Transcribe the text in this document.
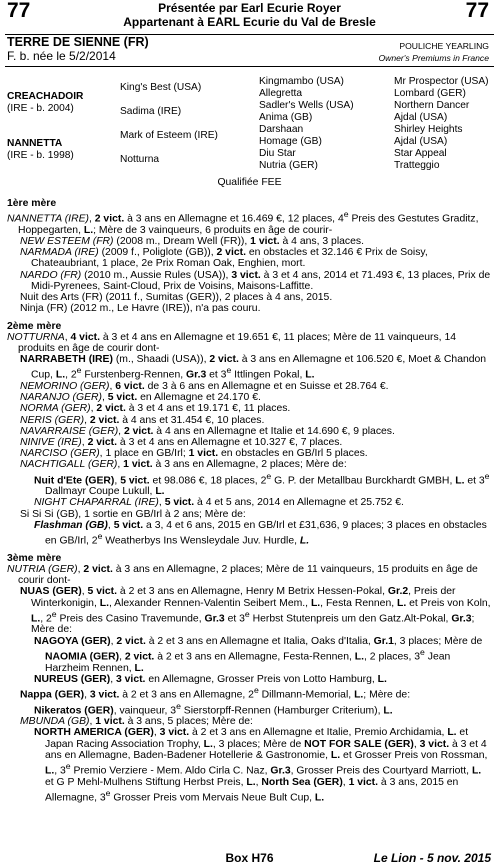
77	77
Présentée par Earl Ecurie Royer
Appartenant à EARL Ecurie du Val de Bresle
TERRE DE SIENNE (FR)
F. b. née le 5/2/2014
POULICHE YEARLING
Owner's Premiums in France
CREACHADOIR
(IRE - b. 2004)
NANNETTA
(IRE - b. 1998)
King's Best (USA)
Sadima (IRE)
Mark of Esteem (IRE)
Notturna
Kingmambo (USA)
Allegretta
Sadler's Wells (USA)
Anima (GB)
Darshaan
Homage (GB)
Diu Star
Nutria (GER)
Mr Prospector (USA)
Lombard (GER)
Northern Dancer
Ajdal (USA)
Shirley Heights
Ajdal (USA)
Star Appeal
Tratteggio
Qualifiée FEE
1ère mère
NANNETTA (IRE), 2 vict. à 3 ans en Allemagne et 16.469 €, 12 places, 4e Preis des Gestutes Graditz, Hoppegarten, L.; Mère de 3 vainqueurs, 6 produits en âge de courir-
NEW ESTEEM (FR) (2008 m., Dream Well (FR)), 1 vict. à 4 ans, 3 places.
NARMADA (IRE) (2009 f., Poliglote (GB)), 2 vict. en obstacles et 32.146 € Prix de Soisy, Chateaubriant, 1 place, 2e Prix Roman Oak, Enghien, mort.
NARDO (FR) (2010 m., Aussie Rules (USA)), 3 vict. à 3 et 4 ans, 2014 et 71.493 €, 13 places, Prix de Midi-Pyrenees, Saint-Cloud, Prix de Voisins, Maisons-Laffitte.
Nuit des Arts (FR) (2011 f., Sumitas (GER)), 2 places à 4 ans, 2015.
Ninja (FR) (2012 m., Le Havre (IRE)), n'a pas couru.
2ème mère
NOTTURNA, 4 vict. à 3 et 4 ans en Allemagne et 19.651 €, 11 places; Mère de 11 vainqueurs, 14 produits en âge de courir dont-
NARRABETH (IRE) (m., Shaadi (USA)), 2 vict. à 3 ans en Allemagne et 106.520 €, Moet & Chandon Cup, L., 2e Furstenberg-Rennen, Gr.3 et 3e Ittlingen Pokal, L.
NEMORINO (GER), 6 vict. de 3 à 6 ans en Allemagne et en Suisse et 28.764 €.
NARANJO (GER), 5 vict. en Allemagne et 24.170 €.
NORMA (GER), 2 vict. à 3 et 4 ans et 19.171 €, 11 places.
NERIS (GER), 2 vict. à 4 ans et 31.454 €, 10 places.
NAVARRAISE (GER), 2 vict. à 4 ans en Allemagne et Italie et 14.690 €, 9 places.
NINIVE (IRE), 2 vict. à 3 et 4 ans en Allemagne et 10.327 €, 7 places.
NARCISO (GER), 1 place en GB/Irl; 1 vict. en obstacles en GB/Irl 5 places.
NACHTIGALL (GER), 1 vict. à 3 ans en Allemagne, 2 places; Mère de:
Nuit d'Ete (GER), 5 vict. et 98.086 €, 18 places, 2e G. P. der Metallbau Burckhardt GMBH, L. et 3e Dallmayr Coupe Lukull, L.
NIGHT CHAPARRAL (IRE), 5 vict. à 4 et 5 ans, 2014 en Allemagne et 25.752 €.
Si Si Si (GB), 1 sortie en GB/Irl à 2 ans; Mère de:
Flashman (GB), 5 vict. a 3, 4 et 6 ans, 2015 en GB/Irl et £31,636, 9 places; 3 places en obstacles en GB/Irl, 2e Weatherbys Ins Wensleydale Juv. Hurdle, L.
3ème mère
NUTRIA (GER), 2 vict. à 3 ans en Allemagne, 2 places; Mère de 11 vainqueurs, 15 produits en âge de courir dont-
NUAS (GER), 5 vict. à 2 et 3 ans en Allemagne, Henry M Betrix Hessen-Pokal, Gr.2, Preis der Winterkonigin, L., Alexander Rennen-Valentin Seibert Mem., L., Festa Rennen, L. et Preis von Koln, L., 2e Preis des Casino Travemunde, Gr.3 et 3e Herbst Stutenpreis um den Gatz.Alt-Pokal, Gr.3; Mère de:
NAGOYA (GER), 2 vict. à 2 et 3 ans en Allemagne et Italia, Oaks d'Italia, Gr.1, 3 places; Mère de NAOMIA (GER), 2 vict. à 2 et 3 ans en Allemagne, Festa-Rennen, L., 2 places, 3e Jean Harzheim Rennen, L.
NUREUS (GER), 3 vict. en Allemagne, Grosser Preis von Lotto Hamburg, L.
Nappa (GER), 3 vict. à 2 et 3 ans en Allemagne, 2e Dillmann-Memorial, L.; Mère de:
Nikeratos (GER), vainqueur, 3e Sierstorpff-Rennen (Hamburger Criterium), L.
MBUNDA (GB), 1 vict. à 3 ans, 5 places; Mère de:
NORTH AMERICA (GER), 3 vict. à 2 et 3 ans en Allemagne et Italie, Premio Archidamia, L. et Japan Racing Association Trophy, L., 3 places; Mère de NOT FOR SALE (GER), 3 vict. à 3 et 4 ans en Allemagne, Baden-Badener Hotellerie & Gastronomie, L. et Grosser Preis von Rossman, L., 3e Premio Verziere - Mem. Aldo Cirla C. Naz, Gr.3, Grosser Preis des Courtyard Marriott, L. et G P Mehl-Mulhens Stiftung Herbst Preis, L., North Sea (GER), 1 vict. à 3 ans, 2015 en Allemagne, 3e Grosser Preis vom Mervais Neue Bult Cup, L.
Box H76	Le Lion - 5 nov. 2015
